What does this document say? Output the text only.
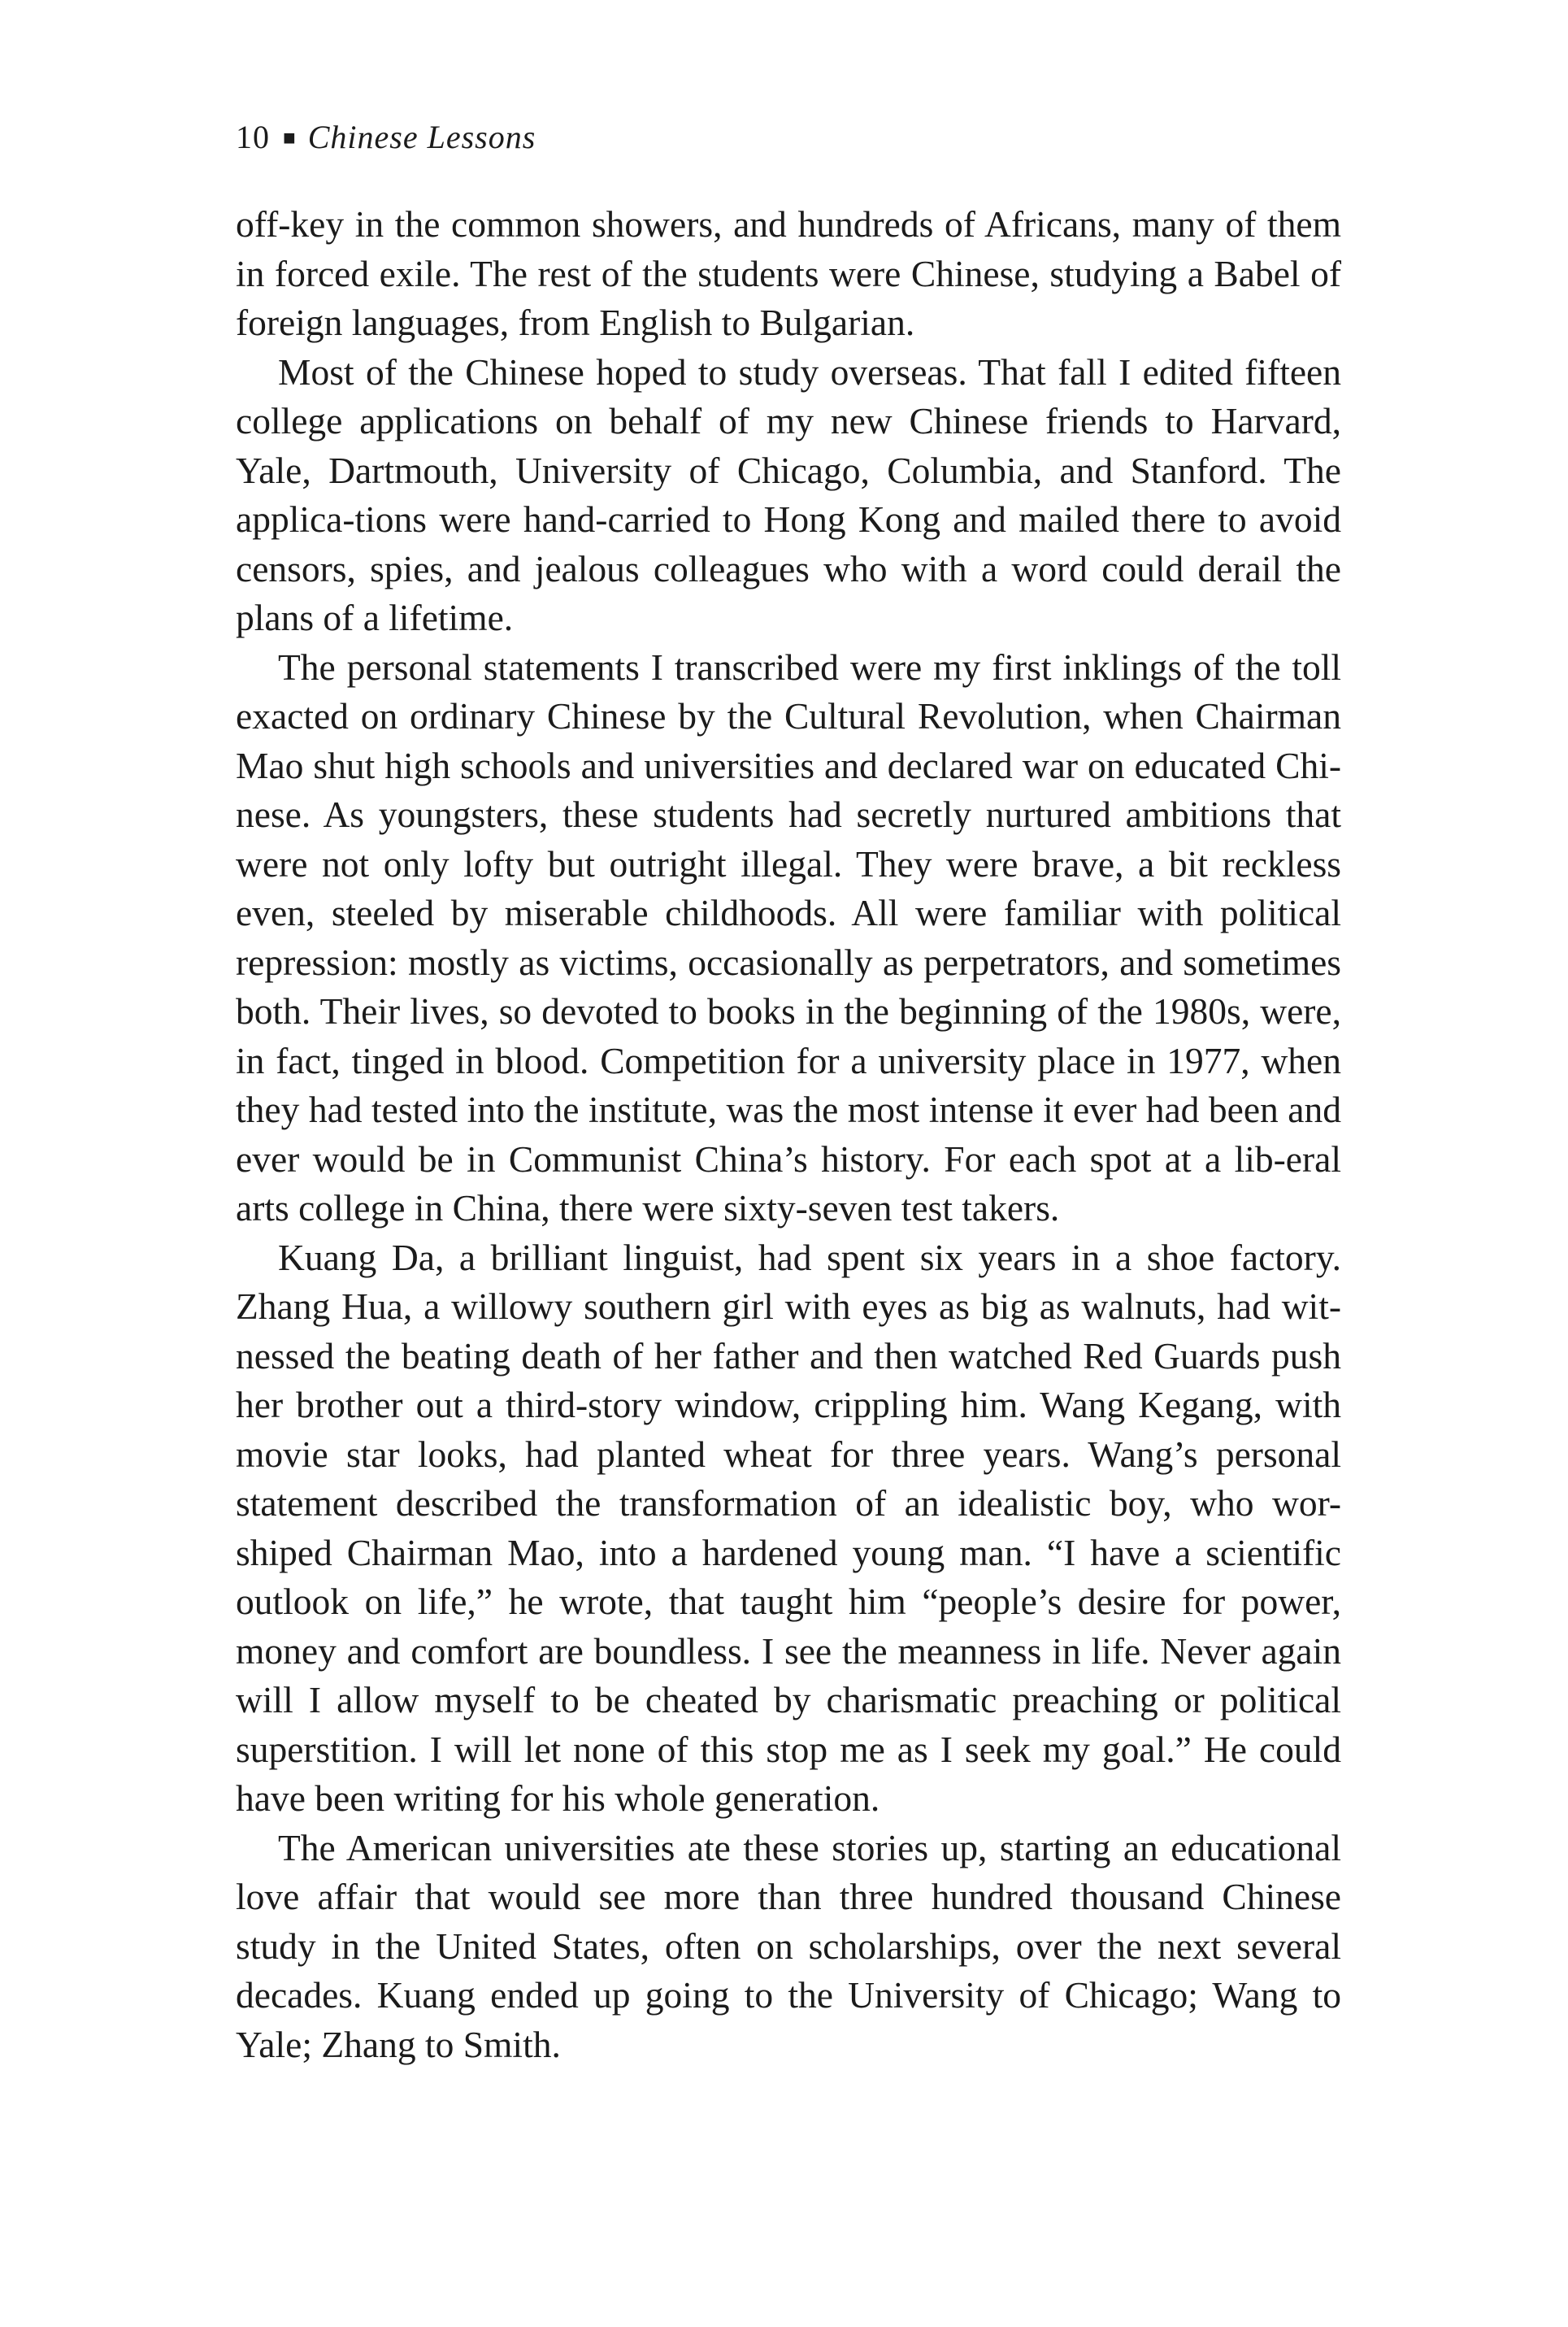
10 ■ Chinese Lessons

off-key in the common showers, and hundreds of Africans, many of them in forced exile. The rest of the students were Chinese, studying a Babel of foreign languages, from English to Bulgarian.

Most of the Chinese hoped to study overseas. That fall I edited fifteen college applications on behalf of my new Chinese friends to Harvard, Yale, Dartmouth, University of Chicago, Columbia, and Stanford. The applica-tions were hand-carried to Hong Kong and mailed there to avoid censors, spies, and jealous colleagues who with a word could derail the plans of a lifetime.

The personal statements I transcribed were my first inklings of the toll exacted on ordinary Chinese by the Cultural Revolution, when Chairman Mao shut high schools and universities and declared war on educated Chi-nese. As youngsters, these students had secretly nurtured ambitions that were not only lofty but outright illegal. They were brave, a bit reckless even, steeled by miserable childhoods. All were familiar with political repression: mostly as victims, occasionally as perpetrators, and sometimes both. Their lives, so devoted to books in the beginning of the 1980s, were, in fact, tinged in blood. Competition for a university place in 1977, when they had tested into the institute, was the most intense it ever had been and ever would be in Communist China’s history. For each spot at a lib-eral arts college in China, there were sixty-seven test takers.

Kuang Da, a brilliant linguist, had spent six years in a shoe factory. Zhang Hua, a willowy southern girl with eyes as big as walnuts, had wit-nessed the beating death of her father and then watched Red Guards push her brother out a third-story window, crippling him. Wang Kegang, with movie star looks, had planted wheat for three years. Wang’s personal statement described the transformation of an idealistic boy, who wor-shiped Chairman Mao, into a hardened young man. “I have a scientific outlook on life,” he wrote, that taught him “people’s desire for power, money and comfort are boundless. I see the meanness in life. Never again will I allow myself to be cheated by charismatic preaching or political superstition. I will let none of this stop me as I seek my goal.” He could have been writing for his whole generation.

The American universities ate these stories up, starting an educational love affair that would see more than three hundred thousand Chinese study in the United States, often on scholarships, over the next several decades. Kuang ended up going to the University of Chicago; Wang to Yale; Zhang to Smith.
